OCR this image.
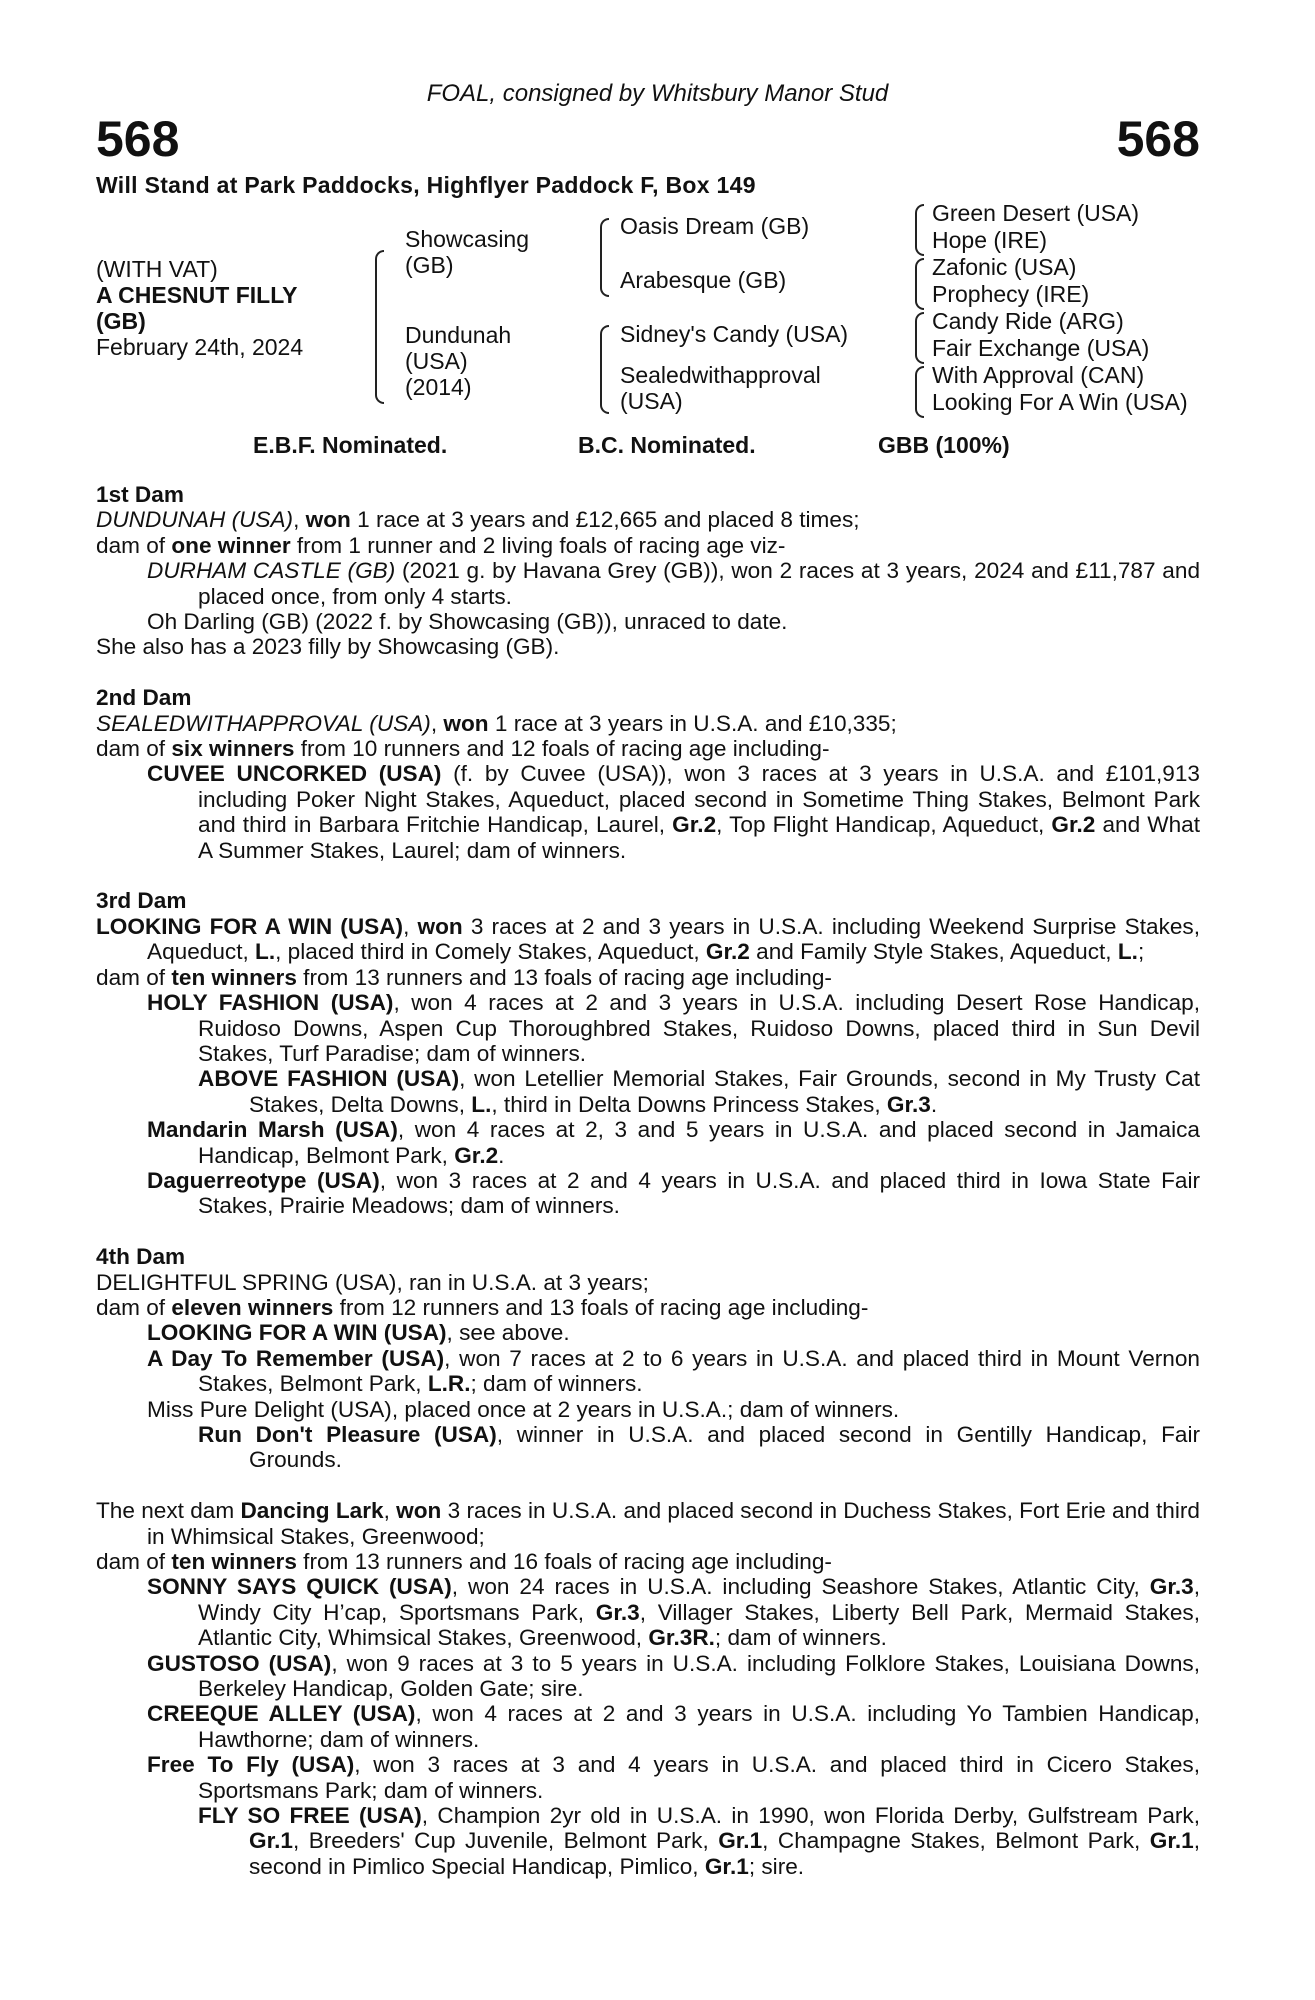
FOAL, consigned by Whitsbury Manor Stud
568	568
Will Stand at Park Paddocks, Highflyer Paddock F, Box 149
(WITH VAT)
A CHESNUT FILLY
(GB)
February 24th, 2024
Showcasing
(GB)
Dundunah
(USA)
(2014)
Oasis Dream (GB)
Arabesque (GB)
Sidney's Candy (USA)
Sealedwithapproval
(USA)
Green Desert (USA)
Hope (IRE)
Zafonic (USA)
Prophecy (IRE)
Candy Ride (ARG)
Fair Exchange (USA)
With Approval (CAN)
Looking For A Win (USA)
E.B.F. Nominated.	B.C. Nominated.	GBB (100%)
1st Dam
DUNDUNAH (USA), won 1 race at 3 years and £12,665 and placed 8 times;
dam of one winner from 1 runner and 2 living foals of racing age viz-
DURHAM CASTLE (GB) (2021 g. by Havana Grey (GB)), won 2 races at 3 years, 2024 and £11,787 and placed once, from only 4 starts.
Oh Darling (GB) (2022 f. by Showcasing (GB)), unraced to date.
She also has a 2023 filly by Showcasing (GB).
2nd Dam
SEALEDWITHAPPROVAL (USA), won 1 race at 3 years in U.S.A. and £10,335;
dam of six winners from 10 runners and 12 foals of racing age including-
CUVEE UNCORKED (USA) (f. by Cuvee (USA)), won 3 races at 3 years in U.S.A. and £101,913 including Poker Night Stakes, Aqueduct, placed second in Sometime Thing Stakes, Belmont Park and third in Barbara Fritchie Handicap, Laurel, Gr.2, Top Flight Handicap, Aqueduct, Gr.2 and What A Summer Stakes, Laurel; dam of winners.
3rd Dam
LOOKING FOR A WIN (USA), won 3 races at 2 and 3 years in U.S.A. including Weekend Surprise Stakes, Aqueduct, L., placed third in Comely Stakes, Aqueduct, Gr.2 and Family Style Stakes, Aqueduct, L.;
dam of ten winners from 13 runners and 13 foals of racing age including-
HOLY FASHION (USA), won 4 races at 2 and 3 years in U.S.A. including Desert Rose Handicap, Ruidoso Downs, Aspen Cup Thoroughbred Stakes, Ruidoso Downs, placed third in Sun Devil Stakes, Turf Paradise; dam of winners.
ABOVE FASHION (USA), won Letellier Memorial Stakes, Fair Grounds, second in My Trusty Cat Stakes, Delta Downs, L., third in Delta Downs Princess Stakes, Gr.3.
Mandarin Marsh (USA), won 4 races at 2, 3 and 5 years in U.S.A. and placed second in Jamaica Handicap, Belmont Park, Gr.2.
Daguerreotype (USA), won 3 races at 2 and 4 years in U.S.A. and placed third in Iowa State Fair Stakes, Prairie Meadows; dam of winners.
4th Dam
DELIGHTFUL SPRING (USA), ran in U.S.A. at 3 years;
dam of eleven winners from 12 runners and 13 foals of racing age including-
LOOKING FOR A WIN (USA), see above.
A Day To Remember (USA), won 7 races at 2 to 6 years in U.S.A. and placed third in Mount Vernon Stakes, Belmont Park, L.R.; dam of winners.
Miss Pure Delight (USA), placed once at 2 years in U.S.A.; dam of winners.
Run Don't Pleasure (USA), winner in U.S.A. and placed second in Gentilly Handicap, Fair Grounds.
The next dam Dancing Lark, won 3 races in U.S.A. and placed second in Duchess Stakes, Fort Erie and third in Whimsical Stakes, Greenwood;
dam of ten winners from 13 runners and 16 foals of racing age including-
SONNY SAYS QUICK (USA), won 24 races in U.S.A. including Seashore Stakes, Atlantic City, Gr.3, Windy City H’cap, Sportsmans Park, Gr.3, Villager Stakes, Liberty Bell Park, Mermaid Stakes, Atlantic City, Whimsical Stakes, Greenwood, Gr.3R.; dam of winners.
GUSTOSO (USA), won 9 races at 3 to 5 years in U.S.A. including Folklore Stakes, Louisiana Downs, Berkeley Handicap, Golden Gate; sire.
CREEQUE ALLEY (USA), won 4 races at 2 and 3 years in U.S.A. including Yo Tambien Handicap, Hawthorne; dam of winners.
Free To Fly (USA), won 3 races at 3 and 4 years in U.S.A. and placed third in Cicero Stakes, Sportsmans Park; dam of winners.
FLY SO FREE (USA), Champion 2yr old in U.S.A. in 1990, won Florida Derby, Gulfstream Park, Gr.1, Breeders' Cup Juvenile, Belmont Park, Gr.1, Champagne Stakes, Belmont Park, Gr.1, second in Pimlico Special Handicap, Pimlico, Gr.1; sire.
